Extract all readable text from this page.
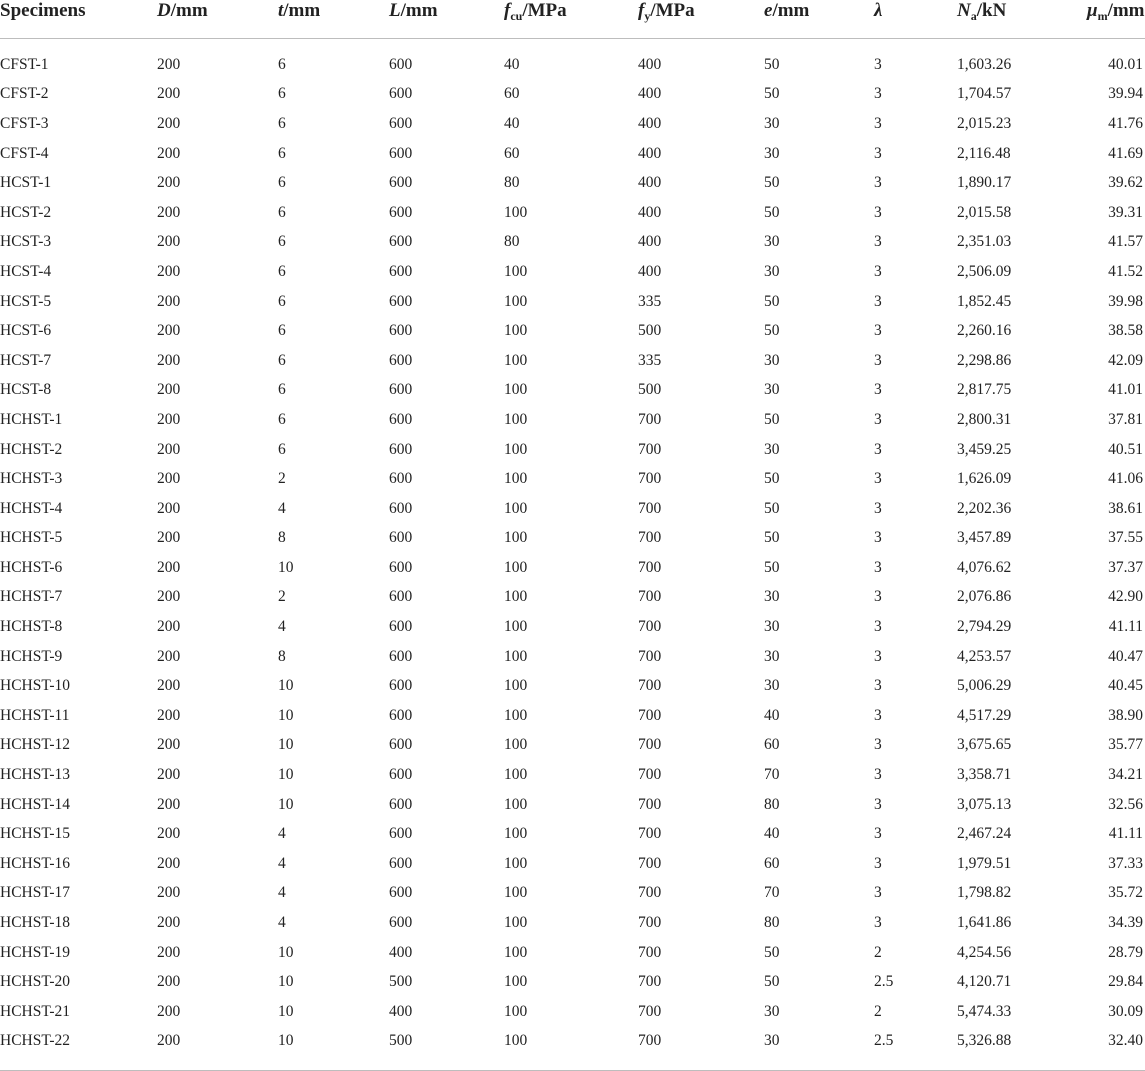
Specimens	D/mm	t/mm	L/mm	$f_{cu}$/MPa	$f_y$/MPa	e/mm	λ	$N_a/kN$	$\mu_m/mm$

CFST-1	200	6	600	40	400	50	3	1,603.26	40.01
CFST-2	200	6	600	60	400	50	3	1,704.57	39.94
CFST-3	200	6	600	40	400	30	3	2,015.23	41.76
CFST-4	200	6	600	60	400	30	3	2,116.48	41.69
HCST-1	200	6	600	80	400	50	3	1,890.17	39.62
HCST-2	200	6	600	100	400	50	3	2,015.58	39.31
HCST-3	200	6	600	80	400	30	3	2,351.03	41.57
HCST-4	200	6	600	100	400	30	3	2,506.09	41.52
HCST-5	200	6	600	100	335	50	3	1,852.45	39.98
HCST-6	200	6	600	100	500	50	3	2,260.16	38.58
HCST-7	200	6	600	100	335	30	3	2,298.86	42.09
HCST-8	200	6	600	100	500	30	3	2,817.75	41.01
HCHST-1	200	6	600	100	700	50	3	2,800.31	37.81
HCHST-2	200	6	600	100	700	30	3	3,459.25	40.51
HCHST-3	200	2	600	100	700	50	3	1,626.09	41.06
HCHST-4	200	4	600	100	700	50	3	2,202.36	38.61
HCHST-5	200	8	600	100	700	50	3	3,457.89	37.55
HCHST-6	200	10	600	100	700	50	3	4,076.62	37.37
HCHST-7	200	2	600	100	700	30	3	2,076.86	42.90
HCHST-8	200	4	600	100	700	30	3	2,794.29	41.11
HCHST-9	200	8	600	100	700	30	3	4,253.57	40.47
HCHST-10	200	10	600	100	700	30	3	5,006.29	40.45
HCHST-11	200	10	600	100	700	40	3	4,517.29	38.90
HCHST-12	200	10	600	100	700	60	3	3,675.65	35.77
HCHST-13	200	10	600	100	700	70	3	3,358.71	34.21
HCHST-14	200	10	600	100	700	80	3	3,075.13	32.56
HCHST-15	200	4	600	100	700	40	3	2,467.24	41.11
HCHST-16	200	4	600	100	700	60	3	1,979.51	37.33
HCHST-17	200	4	600	100	700	70	3	1,798.82	35.72
HCHST-18	200	4	600	100	700	80	3	1,641.86	34.39
HCHST-19	200	10	400	100	700	50	2	4,254.56	28.79
HCHST-20	200	10	500	100	700	50	2.5	4,120.71	29.84
HCHST-21	200	10	400	100	700	30	2	5,474.33	30.09
HCHST-22	200	10	500	100	700	30	2.5	5,326.88	32.40
